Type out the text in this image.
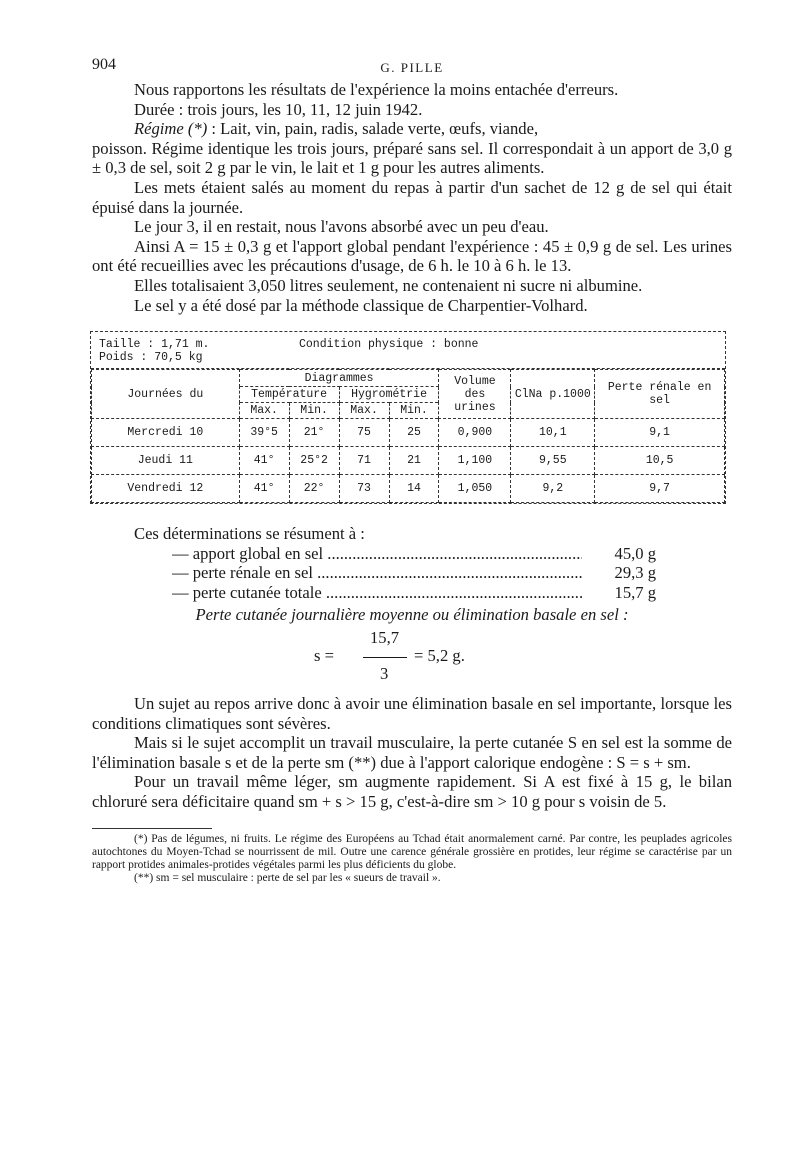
904	G. PILLE

Nous rapportons les résultats de l'expérience la moins entachée d'erreurs.

Durée : trois jours, les 10, 11, 12 juin 1942.

Régime (*) : Lait, vin, pain, radis, salade verte, œufs, viande,

poisson. Régime identique les trois jours, préparé sans sel. Il correspondait à un apport de 3,0 g ± 0,3 de sel, soit 2 g par le vin, le lait et 1 g pour les autres aliments.

Les mets étaient salés au moment du repas à partir d'un sachet de 12 g de sel qui était épuisé dans la journée.

Le jour 3, il en restait, nous l'avons absorbé avec un peu d'eau.

Ainsi A = 15 ± 0,3 g et l'apport global pendant l'expérience : 45 ± 0,9 g de sel. Les urines ont été recueillies avec les précautions d'usage, de 6 h. le 10 à 6 h. le 13.

Elles totalisaient 3,050 litres seulement, ne contenaient ni sucre ni albumine.

Le sel y a été dosé par la méthode classique de Charpentier-Volhard.

Taille : 1,71 m.
Poids : 70,5 kg
Condition physique : bonne
Journées du	Diagrammes				Volume des urines	ClNa p.1000	Perte rénale en sel
	Température		Hygrométrie				
	Max.	Min.	Max.	Min.			
Mercredi 10	39°5	21°	75	25	0,900	10,1	9,1
Jeudi 11	41°	25°2	71	21	1,100	9,55	10,5
Vendredi 12	41°	22°	73	14	1,050	9,2	9,7

Ces déterminations se résument à :

— apport global en sel .....	45,0 g
— perte rénale en sel .....	29,3 g
— perte cutanée totale .....	15,7 g

Perte cutanée journalière moyenne ou élimination basale en sel :

s =
15,7
3
= 5,2 g.

Un sujet au repos arrive donc à avoir une élimination basale en sel importante, lorsque les conditions climatiques sont sévères.

Mais si le sujet accomplit un travail musculaire, la perte cutanée S en sel est la somme de l'élimination basale s et de la perte sm (**) due à l'apport calorique endogène : S = s + sm.

Pour un travail même léger, sm augmente rapidement. Si A est fixé à 15 g, le bilan chloruré sera déficitaire quand sm + s > 15 g, c'est-à-dire sm > 10 g pour s voisin de 5.

(*) Pas de légumes, ni fruits. Le régime des Européens au Tchad était anormalement carné. Par contre, les peuplades agricoles autochtones du Moyen-Tchad se nourrissent de mil. Outre une carence générale grossière en protides, leur régime se caractérise par un rapport protides animales-protides végétales parmi les plus déficients du globe.

(**) sm = sel musculaire : perte de sel par les « sueurs de travail ».
